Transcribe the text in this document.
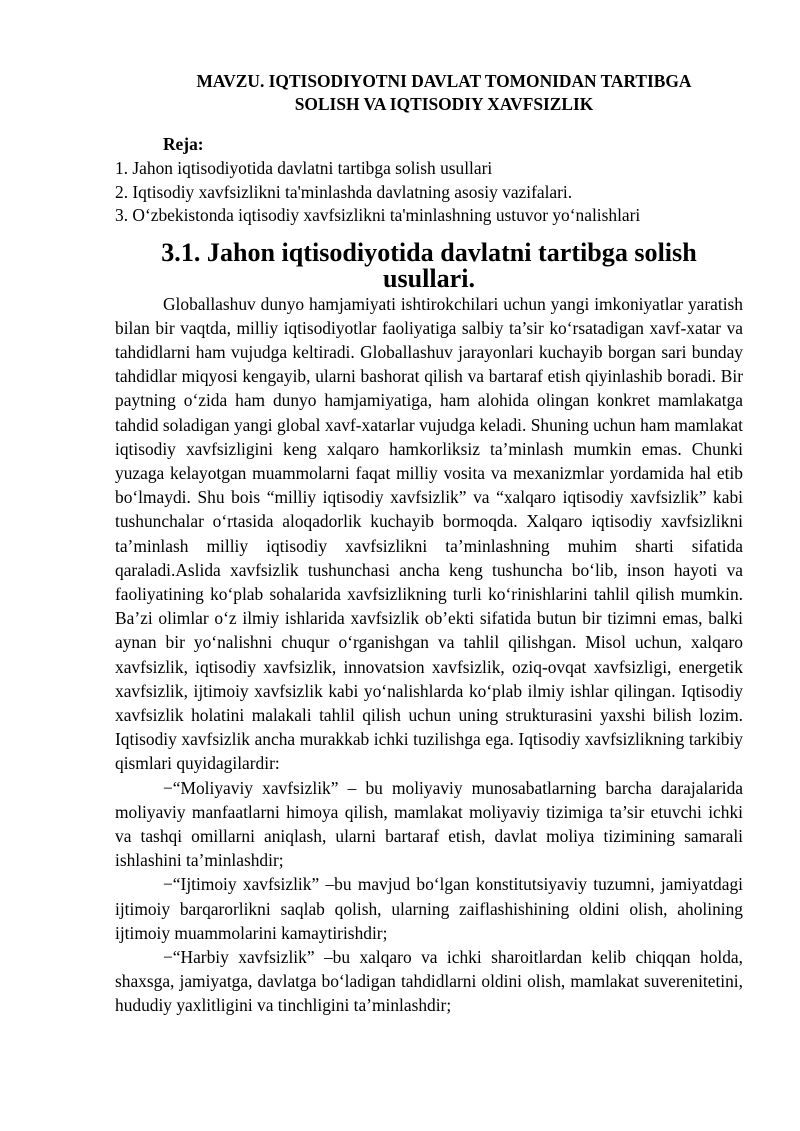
MAVZU. IQTISODIYOTNI DAVLAT TOMONIDAN TARTIBGA
SOLISH VA IQTISODIY XAVFSIZLIK
Reja:
1. Jahon iqtisodiyotida davlatni tartibga solish usullari
2. Iqtisodiy xavfsizlikni ta'minlashda davlatning asosiy vazifalari.
3. O‘zbekistonda iqtisodiy xavfsizlikni ta'minlashning ustuvor yo‘nalishlari
3.1. Jahon iqtisodiyotida davlatni tartibga solish usullari.

Globallashuv dunyo hamjamiyati ishtirokchilari uchun yangi imkoniyatlar yaratish bilan bir vaqtda, milliy iqtisodiyotlar faoliyatiga salbiy ta’sir ko‘rsatadigan xavf-xatar va tahdidlarni ham vujudga keltiradi. Globallashuv jarayonlari kuchayib borgan sari bunday tahdidlar miqyosi kengayib, ularni bashorat qilish va bartaraf etish qiyinlashib boradi. Bir paytning o‘zida ham dunyo hamjamiyatiga, ham alohida olingan konkret mamlakatga tahdid soladigan yangi global xavf-xatarlar vujudga keladi. Shuning uchun ham mamlakat iqtisodiy xavfsizligini keng xalqaro hamkorliksiz ta’minlash mumkin emas. Chunki yuzaga kelayotgan muammolarni faqat milliy vosita va mexanizmlar yordamida hal etib bo‘lmaydi. Shu bois “milliy iqtisodiy xavfsizlik” va “xalqaro iqtisodiy xavfsizlik” kabi tushunchalar o‘rtasida aloqadorlik kuchayib bormoqda. Xalqaro iqtisodiy xavfsizlikni ta’minlash milliy iqtisodiy xavfsizlikni ta’minlashning muhim sharti sifatida qaraladi.Aslida xavfsizlik tushunchasi ancha keng tushuncha bo‘lib, inson hayoti va faoliyatining ko‘plab sohalarida xavfsizlikning turli ko‘rinishlarini tahlil qilish mumkin. Ba’zi olimlar o‘z ilmiy ishlarida xavfsizlik ob’ekti sifatida butun bir tizimni emas, balki aynan bir yo‘nalishni chuqur o‘rganishgan va tahlil qilishgan. Misol uchun, xalqaro xavfsizlik, iqtisodiy xavfsizlik, innovatsion xavfsizlik, oziq-ovqat xavfsizligi, energetik xavfsizlik, ijtimoiy xavfsizlik kabi yo‘nalishlarda ko‘plab ilmiy ishlar qilingan. Iqtisodiy xavfsizlik holatini malakali tahlil qilish uchun uning strukturasini yaxshi bilish lozim. Iqtisodiy xavfsizlik ancha murakkab ichki tuzilishga ega. Iqtisodiy xavfsizlikning tarkibiy qismlari quyidagilardir:

−“Moliyaviy xavfsizlik” – bu moliyaviy munosabatlarning barcha darajalarida moliyaviy manfaatlarni himoya qilish, mamlakat moliyaviy tizimiga ta’sir etuvchi ichki va tashqi omillarni aniqlash, ularni bartaraf etish, davlat moliya tizimining samarali ishlashini ta’minlashdir;

−“Ijtimoiy xavfsizlik” –bu mavjud bo‘lgan konstitutsiyaviy tuzumni, jamiyatdagi ijtimoiy barqarorlikni saqlab qolish, ularning zaiflashishining oldini olish, aholining ijtimoiy muammolarini kamaytirishdir;

−“Harbiy xavfsizlik” –bu xalqaro va ichki sharoitlardan kelib chiqqan holda, shaxsga, jamiyatga, davlatga bo‘ladigan tahdidlarni oldini olish, mamlakat suverenitetini, hududiy yaxlitligini va tinchligini ta’minlashdir;
